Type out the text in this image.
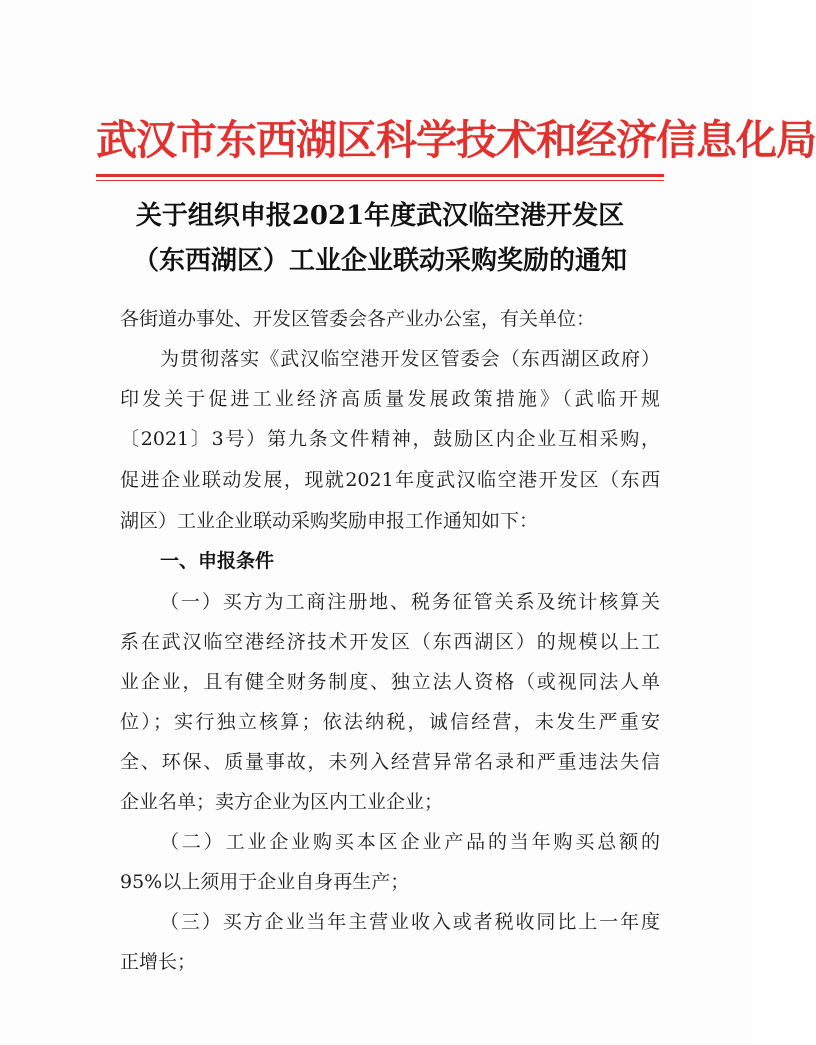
武汉市东西湖区科学技术和经济信息化局
关于组织申报2021年度武汉临空港开发区
（东西湖区）工业企业联动采购奖励的通知
各街道办事处、开发区管委会各产业办公室，有关单位：
为贯彻落实《武汉临空港开发区管委会（东西湖区政府）
印发关于促进工业经济高质量发展政策措施》（武临开规
〔2021〕3号）第九条文件精神，鼓励区内企业互相采购，
促进企业联动发展，现就2021年度武汉临空港开发区（东西
湖区）工业企业联动采购奖励申报工作通知如下：
一、申报条件
（一）买方为工商注册地、税务征管关系及统计核算关
系在武汉临空港经济技术开发区（东西湖区）的规模以上工
业企业，且有健全财务制度、独立法人资格（或视同法人单
位）；实行独立核算；依法纳税，诚信经营，未发生严重安
全、环保、质量事故，未列入经营异常名录和严重违法失信
企业名单；卖方企业为区内工业企业；
（二）工业企业购买本区企业产品的当年购买总额的
95%以上须用于企业自身再生产；
（三）买方企业当年主营业收入或者税收同比上一年度
正增长；
